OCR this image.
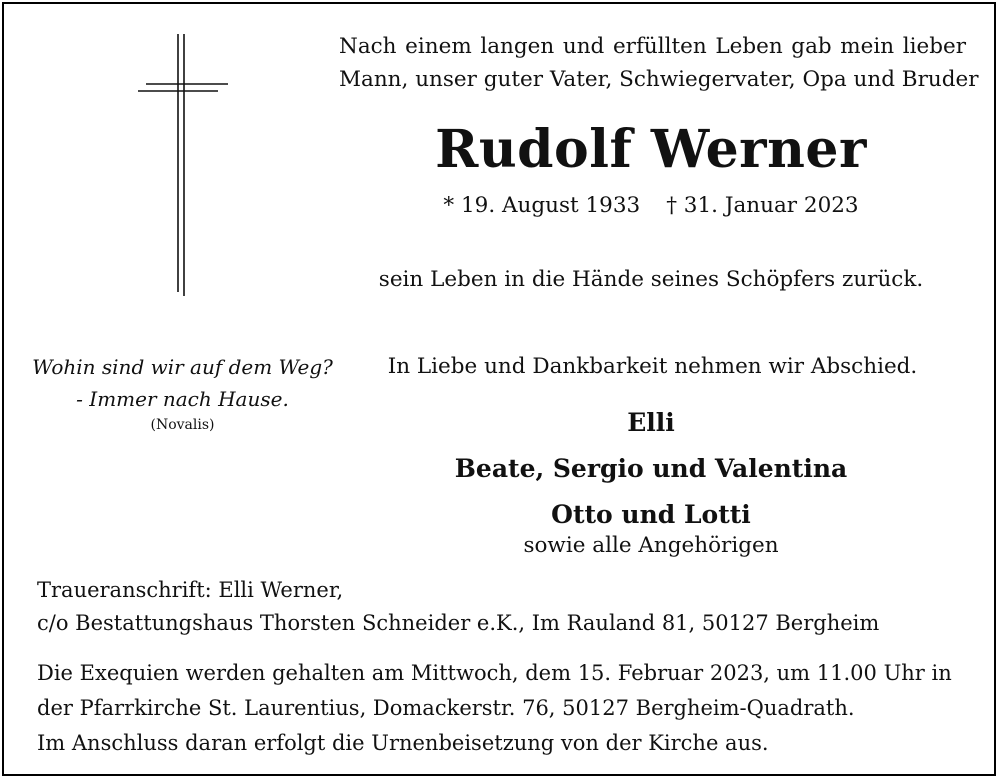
Nach einem langen und erfüllten Leben gab mein lieber
Mann, unser guter Vater, Schwiegervater, Opa und Bruder
Rudolf Werner
* 19. August 1933 † 31. Januar 2023
sein Leben in die Hände seines Schöpfers zurück.
Wohin sind wir auf dem Weg?
- Immer nach Hause.
(Novalis)
In Liebe und Dankbarkeit nehmen wir Abschied.
Elli
Beate, Sergio und Valentina
Otto und Lotti
sowie alle Angehörigen
Traueranschrift: Elli Werner,
c/o Bestattungshaus Thorsten Schneider e.K., Im Rauland 81, 50127 Bergheim
Die Exequien werden gehalten am Mittwoch, dem 15. Februar 2023, um 11.00 Uhr in
der Pfarrkirche St. Laurentius, Domackerstr. 76, 50127 Bergheim-Quadrath.
Im Anschluss daran erfolgt die Urnenbeisetzung von der Kirche aus.
